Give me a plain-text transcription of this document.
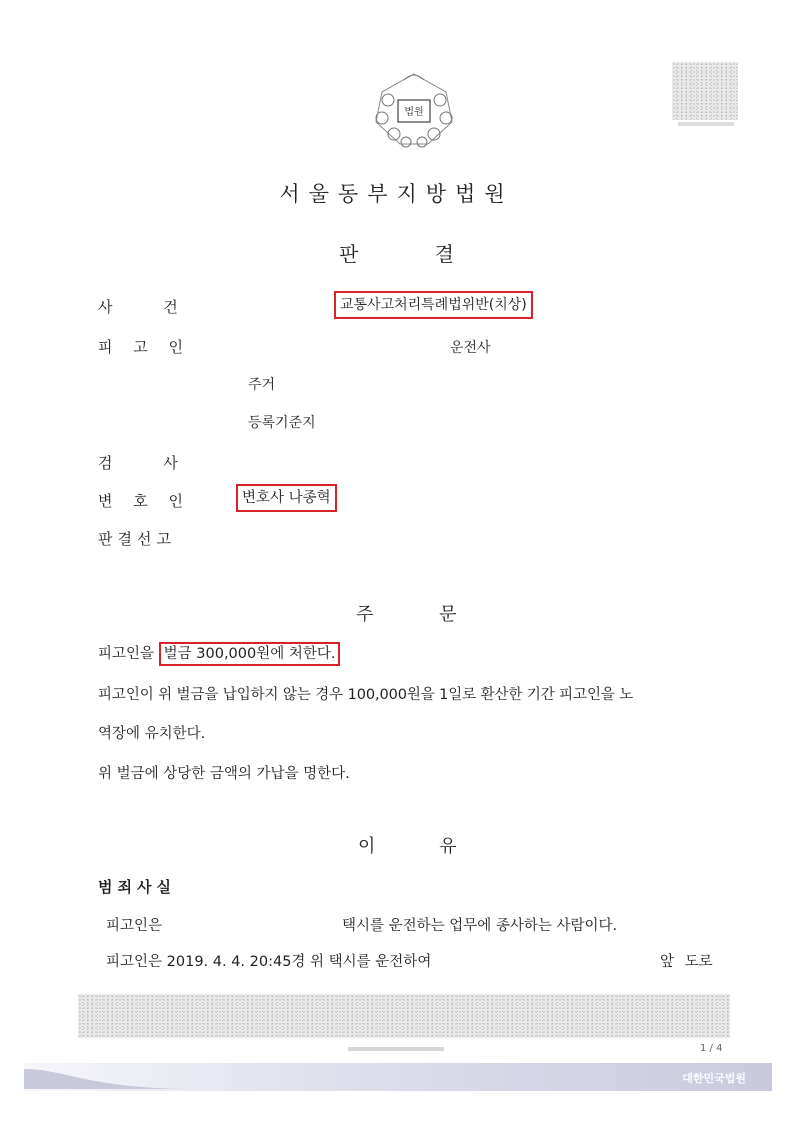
법원
서울동부지방법원
판 결
사 건	교통사고처리특례법위반(치상)
피 고 인	운전사
주거
등록기준지
검 사
변 호 인	변호사 나종혁
판결선고
주 문
피고인을 벌금 300,000원에 처한다.
피고인이 위 벌금을 납입하지 않는 경우 100,000원을 1일로 환산한 기간 피고인을 노
역장에 유치한다.
위 벌금에 상당한 금액의 가납을 명한다.
이 유
범죄사실
피고인은	택시를 운전하는 업무에 종사하는 사람이다.
피고인은 2019. 4. 4. 20:45경 위 택시를 운전하여	앞 도로
1 / 4
대한민국법원
